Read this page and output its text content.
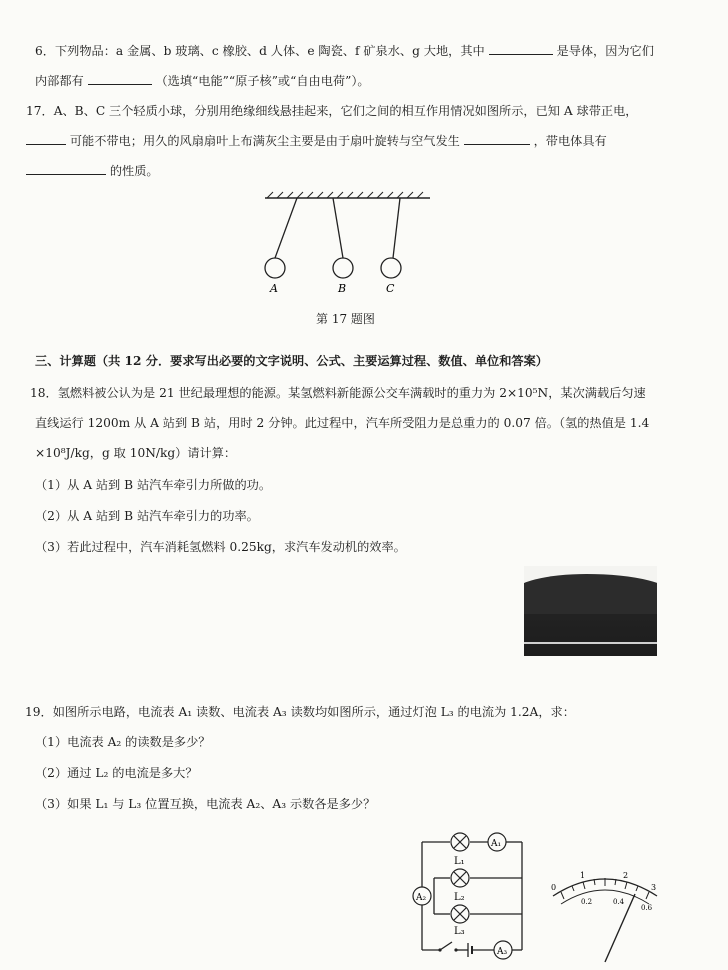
6．下列物品：a 金属、b 玻璃、c 橡胶、d 人体、e 陶瓷、f 矿泉水、g 大地，其中	是导体，因为它们
内部都有	（选填“电能”“原子核”或“自由电荷”）。
17．A、B、C 三个轻质小球，分别用绝缘细线悬挂起来，它们之间的相互作用情况如图所示，已知 A 球带正电，
可能不带电；用久的风扇扇叶上布满灰尘主要是由于扇叶旋转与空气发生	，带电体具有
的性质。
A	B	C
第 17 题图
三、计算题（共 12 分．要求写出必要的文字说明、公式、主要运算过程、数值、单位和答案）
18．氢燃料被公认为是 21 世纪最理想的能源。某氢燃料新能源公交车满载时的重力为 2×10⁵N，某次满载后匀速
直线运行 1200m 从 A 站到 B 站，用时 2 分钟。此过程中，汽车所受阻力是总重力的 0.07 倍。（氢的热值是 1.4
×10⁸J/kg，g 取 10N/kg）请计算：
（1）从 A 站到 B 站汽车牵引力所做的功。
（2）从 A 站到 B 站汽车牵引力的功率。
（3）若此过程中，汽车消耗氢燃料 0.25kg，求汽车发动机的效率。
19．如图所示电路，电流表 A₁ 读数、电流表 A₃ 读数均如图所示，通过灯泡 L₃ 的电流为 1.2A，求：
（1）电流表 A₂ 的读数是多少？
（2）通过 L₂ 的电流是多大？
（3）如果 L₁ 与 L₃ 位置互换，电流表 A₂、A₃ 示数各是多少？
L₁
L₂
L₃
A₁
A₂
A₃
0
1	2
3
0.2	0.4
0.6
